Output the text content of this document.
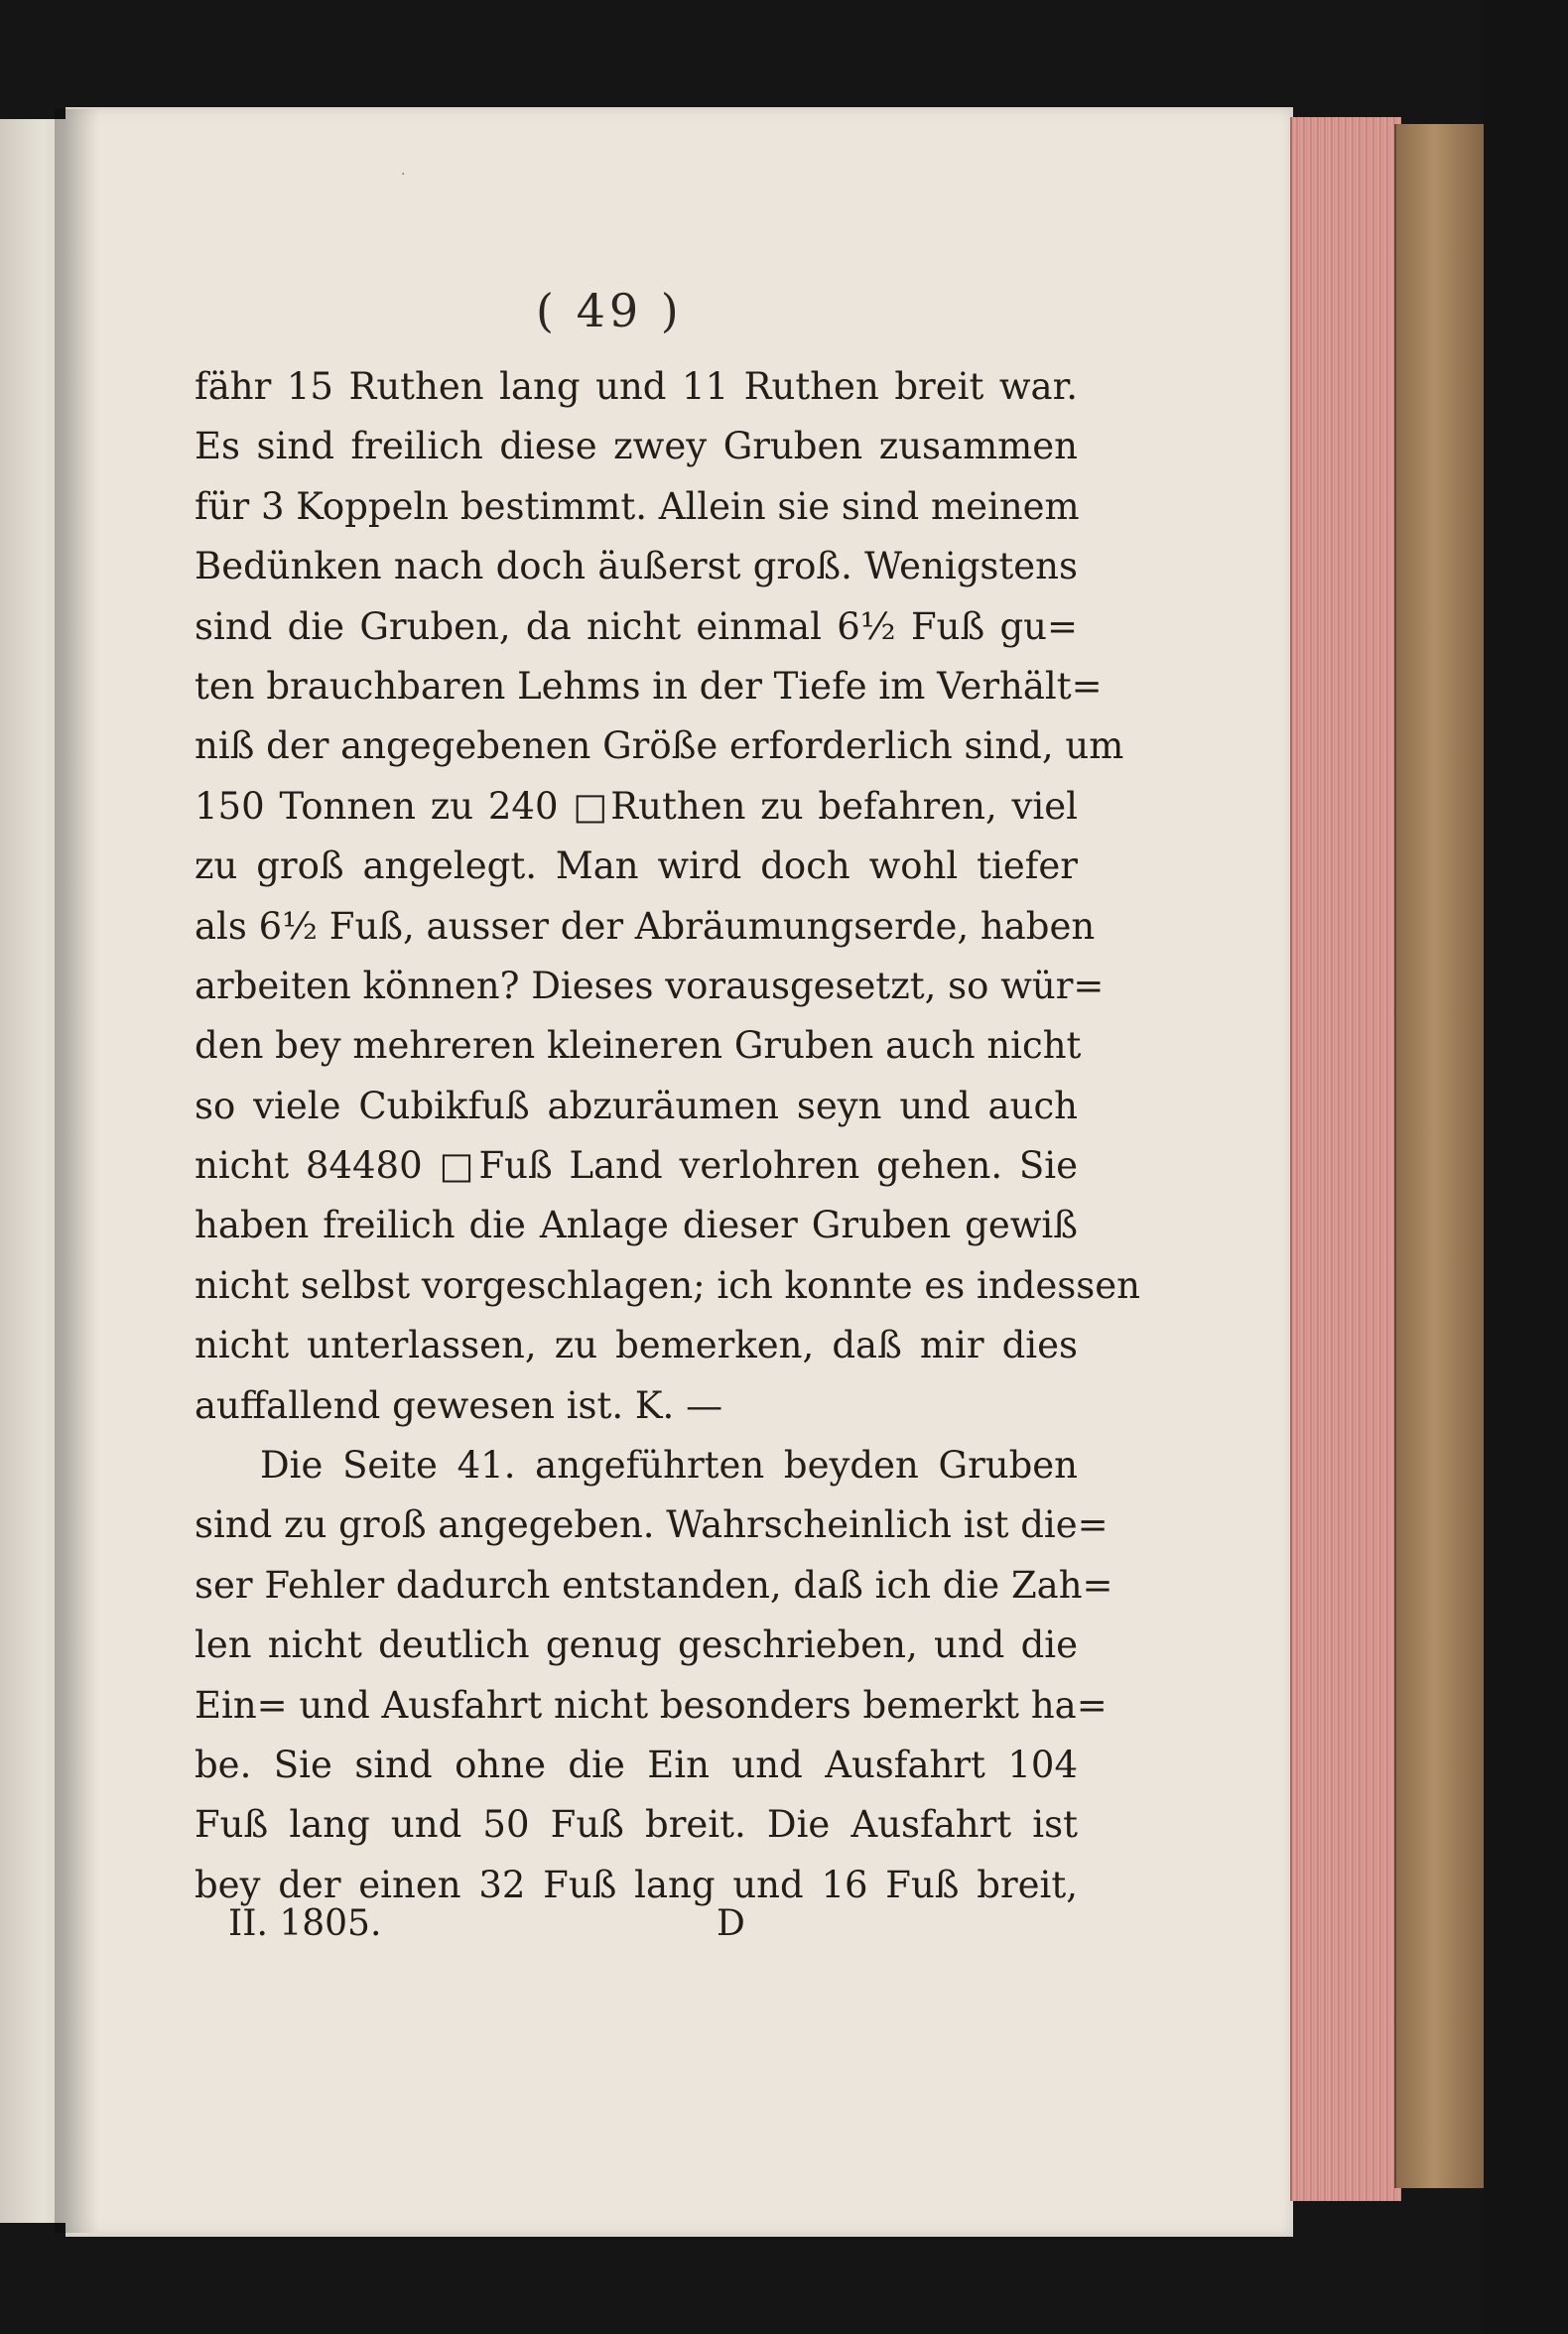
·
( 49 )
fähr 15 Ruthen lang und 11 Ruthen breit war.
Es sind freilich diese zwey Gruben zusammen
für 3 Koppeln bestimmt. Allein sie sind meinem
Bedünken nach doch äußerst groß. Wenigstens
sind die Gruben, da nicht einmal 6½ Fuß gu=
ten brauchbaren Lehms in der Tiefe im Verhält=
niß der angegebenen Größe erforderlich sind, um
150 Tonnen zu 240 □Ruthen zu befahren, viel
zu groß angelegt. Man wird doch wohl tiefer
als 6½ Fuß, ausser der Abräumungserde, haben
arbeiten können? Dieses vorausgesetzt, so wür=
den bey mehreren kleineren Gruben auch nicht
so viele Cubikfuß abzuräumen seyn und auch
nicht 84480 □Fuß Land verlohren gehen. Sie
haben freilich die Anlage dieser Gruben gewiß
nicht selbst vorgeschlagen; ich konnte es indessen
nicht unterlassen, zu bemerken, daß mir dies
auffallend gewesen ist. K. —
Die Seite 41. angeführten beyden Gruben
sind zu groß angegeben. Wahrscheinlich ist die=
ser Fehler dadurch entstanden, daß ich die Zah=
len nicht deutlich genug geschrieben, und die
Ein= und Ausfahrt nicht besonders bemerkt ha=
be. Sie sind ohne die Ein und Ausfahrt 104
Fuß lang und 50 Fuß breit. Die Ausfahrt ist
bey der einen 32 Fuß lang und 16 Fuß breit,
II. 1805.	D
